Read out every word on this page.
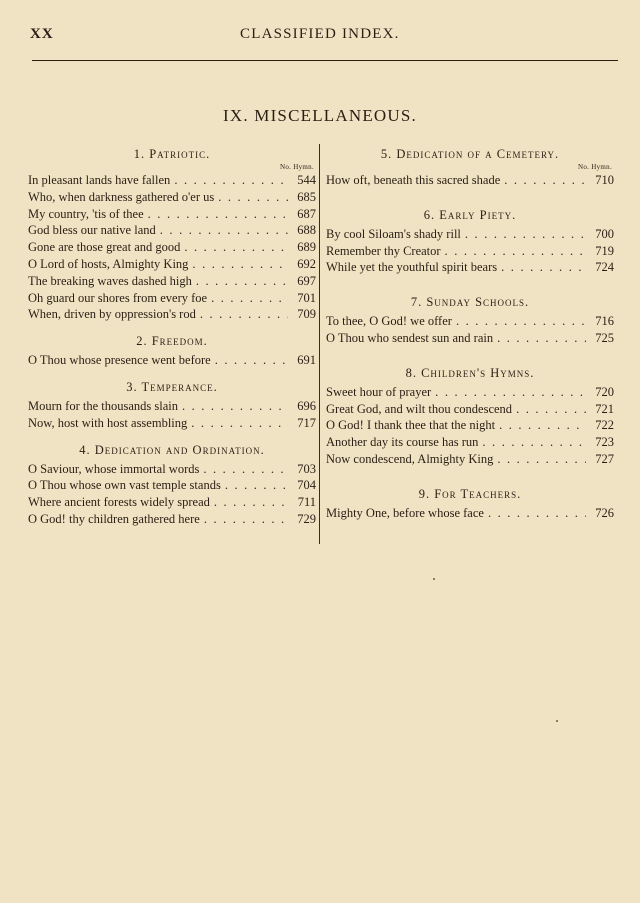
XX	CLASSIFIED INDEX.
IX. MISCELLANEOUS.
1. Patriotic.
No. Hymn.
In pleasant lands have fallen . . .	544
Who, when darkness gathered o'er us . . .	685
My country, 'tis of thee . . .	687
God bless our native land . . .	688
Gone are those great and good . . .	689
O Lord of hosts, Almighty King . . .	692
The breaking waves dashed high . . .	697
Oh guard our shores from every foe . . .	701
When, driven by oppression's rod . . .	709
2. Freedom.
O Thou whose presence went before . . .	691
3. Temperance.
Mourn for the thousands slain . . .	696
Now, host with host assembling . . .	717
4. Dedication and Ordination.
O Saviour, whose immortal words . . .	703
O Thou whose own vast temple stands . . .	704
Where ancient forests widely spread . . .	711
O God! thy children gathered here . . .	729
5. Dedication of a Cemetery.
No. Hymn.
How oft, beneath this sacred shade . . .	710
6. Early Piety.
By cool Siloam's shady rill . . .	700
Remember thy Creator . . .	719
While yet the youthful spirit bears . . .	724
7. Sunday Schools.
To thee, O God! we offer . . .	716
O Thou who sendest sun and rain . . .	725
8. Children's Hymns.
Sweet hour of prayer . . .	720
Great God, and wilt thou condescend . . .	721
O God! I thank thee that the night . . .	722
Another day its course has run . . .	723
Now condescend, Almighty King . . .	727
9. For Teachers.
Mighty One, before whose face . . .	726
